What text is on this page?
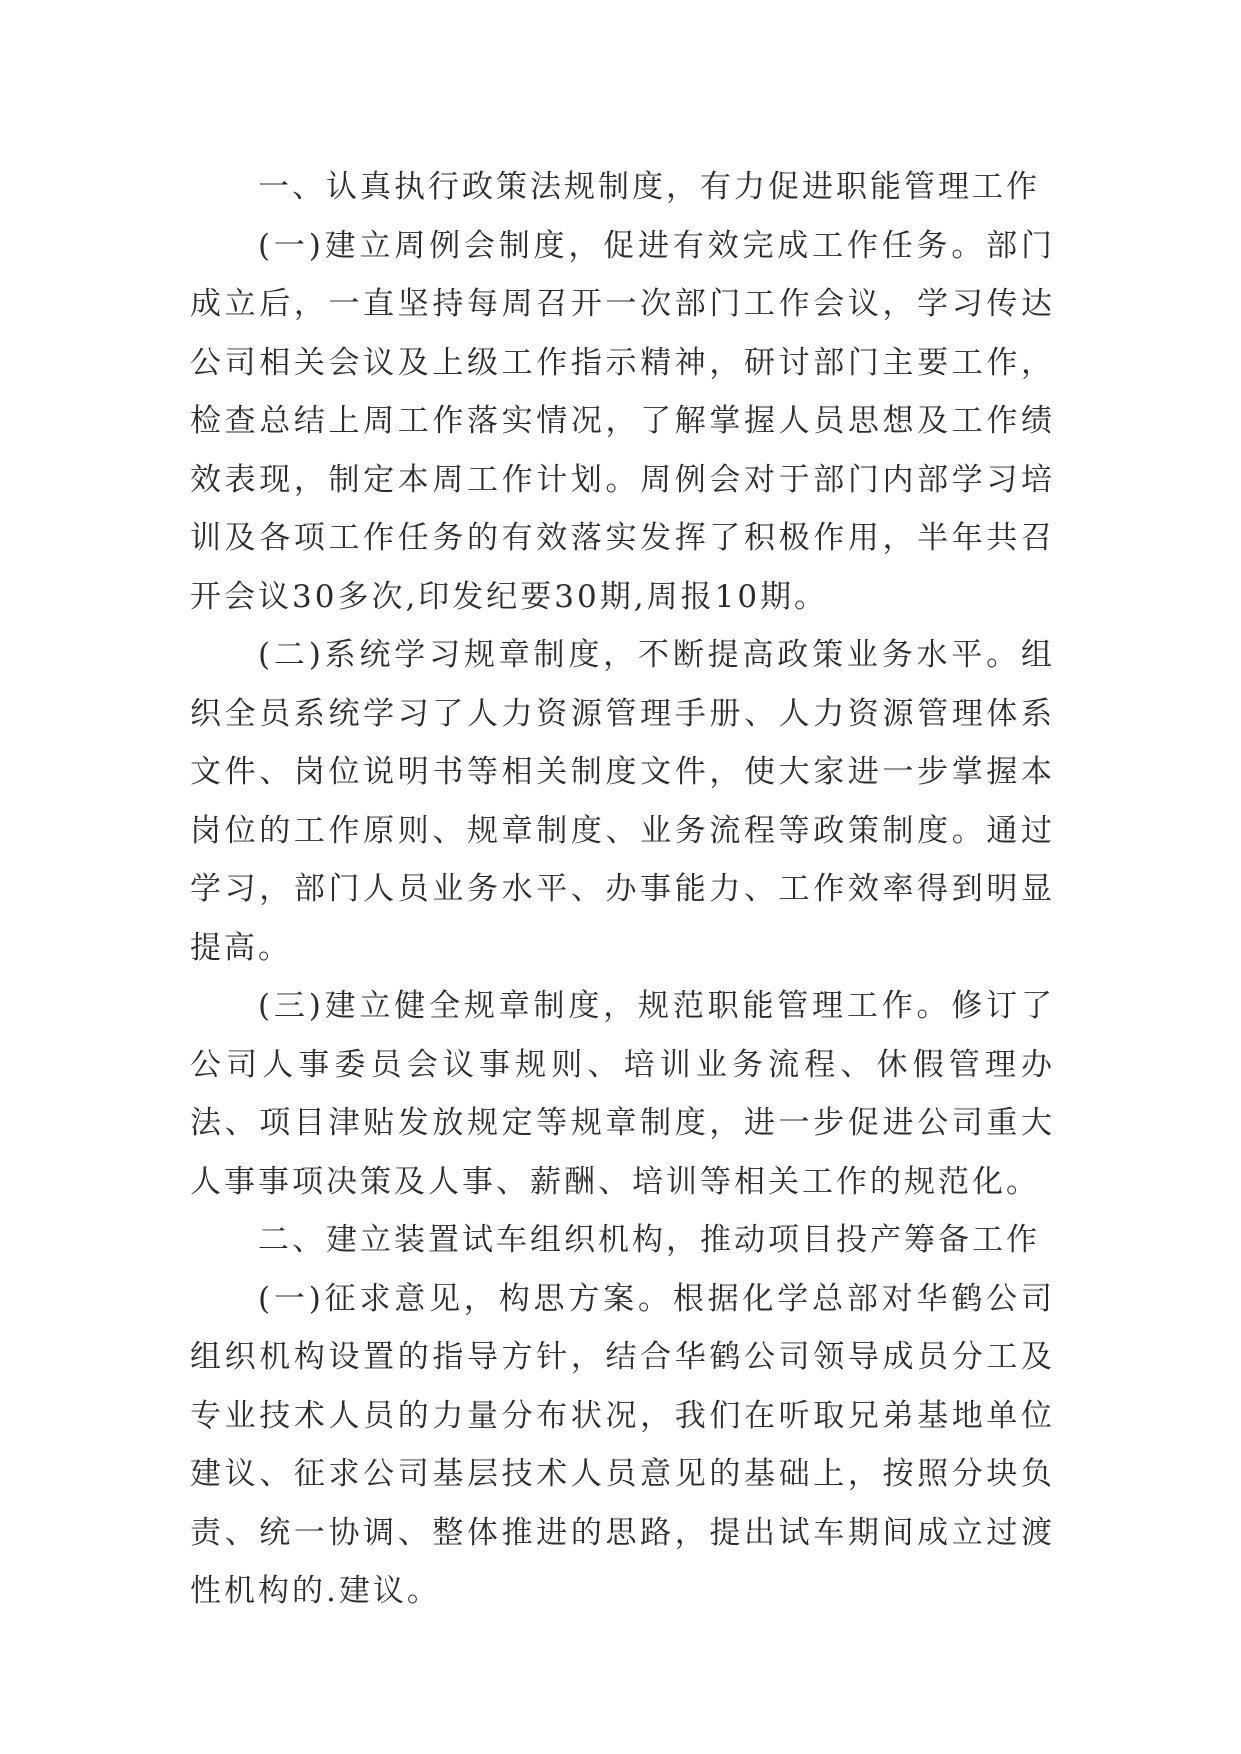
一、认真执行政策法规制度，有力促进职能管理工作

(一)建立周例会制度，促进有效完成工作任务。部门成立后，一直坚持每周召开一次部门工作会议，学习传达公司相关会议及上级工作指示精神，研讨部门主要工作，检查总结上周工作落实情况，了解掌握人员思想及工作绩效表现，制定本周工作计划。周例会对于部门内部学习培训及各项工作任务的有效落实发挥了积极作用，半年共召开会议30多次,印发纪要30期,周报10期。

(二)系统学习规章制度，不断提高政策业务水平。组织全员系统学习了人力资源管理手册、人力资源管理体系文件、岗位说明书等相关制度文件，使大家进一步掌握本岗位的工作原则、规章制度、业务流程等政策制度。通过学习，部门人员业务水平、办事能力、工作效率得到明显提高。

(三)建立健全规章制度，规范职能管理工作。修订了公司人事委员会议事规则、培训业务流程、休假管理办法、项目津贴发放规定等规章制度，进一步促进公司重大人事事项决策及人事、薪酬、培训等相关工作的规范化。

二、建立装置试车组织机构，推动项目投产筹备工作

(一)征求意见，构思方案。根据化学总部对华鹤公司组织机构设置的指导方针，结合华鹤公司领导成员分工及专业技术人员的力量分布状况，我们在听取兄弟基地单位建议、征求公司基层技术人员意见的基础上，按照分块负责、统一协调、整体推进的思路，提出试车期间成立过渡性机构的.建议。
